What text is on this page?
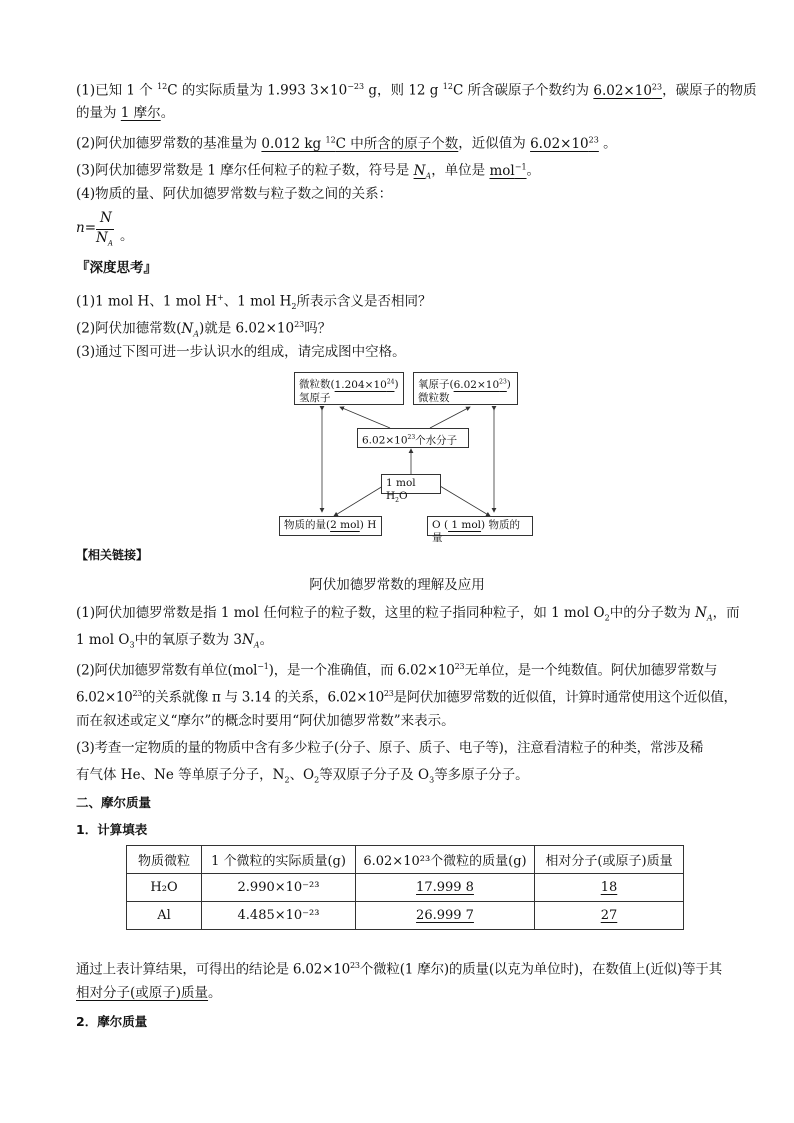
(1)已知 1 个 $^{12}$C 的实际质量为 1.993 $3\times 10^{-23}$ g，则 12 g $^{12}$C 所含碳原子个数约为 $6.02\times 10^{23}$，碳原子的物质
的量为 1 摩尔。
(2)阿伏加德罗常数的基准量为 0.012 kg $^{12}$C 中所含的原子个数，近似值为 $6.02\times 10^{23}$ 。
(3)阿伏加德罗常数是 1 摩尔任何粒子的粒子数，符号是 $N_A$，单位是 mol$^{-1}$。
(4)物质的量、阿伏加德罗常数与粒子数之间的关系：
n=
N
$N_A$ 。
『深度思考』
(1)1 mol H、1 mol H+、1 mol $H_2$所表示含义是否相同？
(2)阿伏加德常数$(N_A)$就是 $6.02\times 10^{23}$吗？
(3)通过下图可进一步认识水的组成，请完成图中空格。
微粒数$(1.204\times 10^{24})$
氢原子
氧原子$(6.02\times 10^{23})$
微粒数
$6.02\times 10^{23}$个水分子
1 mol $H_2O$
物质的量(2 mol) H	O ( 1 mol) 物质的量
【相关链接】
阿伏加德罗常数的理解及应用
(1)阿伏加德罗常数是指 1 mol 任何粒子的粒子数，这里的粒子指同种粒子，如 1 mol $O_2$中的分子数为 $N_A$，而
1 mol $O_3$中的氧原子数为 $3N_A$。
(2)阿伏加德罗常数有单位(mol$^{-1}$)，是一个准确值，而 $6.02\times 10^{23}$无单位，是一个纯数值。阿伏加德罗常数与
$6.02\times 10^{23}$的关系就像 π 与 3.14 的关系，$6.02\times 10^{23}$是阿伏加德罗常数的近似值，计算时通常使用这个近似值，
而在叙述或定义“摩尔”的概念时要用“阿伏加德罗常数”来表示。
(3)考查一定物质的量的物质中含有多少粒子(分子、原子、质子、电子等)，注意看清粒子的种类，常涉及稀
有气体 He、Ne 等单原子分子，$N_2$、$O_2$等双原子分子及 $O_3$等多原子分子。
二、摩尔质量
1．计算填表
物质微粒	1 个微粒的实际质量(g)	6.02×10²³个微粒的质量(g)	相对分子(或原子)质量
H₂O	2.990×10⁻²³	17.999 8	18
Al	4.485×10⁻²³	26.999 7	27
通过上表计算结果，可得出的结论是 $6.02\times 10^{23}$个微粒(1 摩尔)的质量(以克为单位时)，在数值上(近似)等于其
相对分子(或原子)质量。
2．摩尔质量
